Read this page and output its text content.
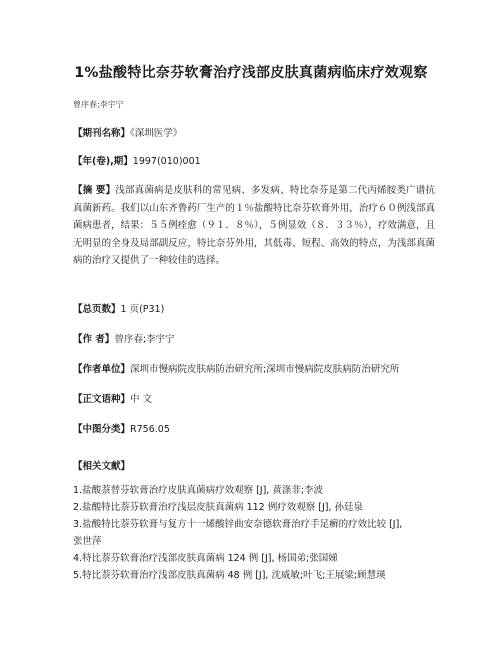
1%盐酸特比奈芬软膏治疗浅部皮肤真菌病临床疗效观察
曾序春;李宇宁
【期刊名称】《深圳医学》
【年(卷),期】1997(010)001
【摘 要】浅部真菌病是皮肤科的常见病、多发病、特比奈芬是第二代丙烯胺类广谱抗真菌新药。我们以山东齐鲁药厂生产的１％盐酸特比奈芬软膏外用，治疗６０例浅部真菌病患者，结果：５５例痊愈（９１．８％），５例显效（８．３３％），疗效满意，且无明显的全身及局部副反应，特比奈芬外用，其低毒、短程、高效的特点，为浅部真菌病的治疗又提供了一种较佳的选择。
【总页数】1 页(P31)
【作 者】曾序春;李宇宁
【作者单位】深圳市慢病院皮肤病防治研究所;深圳市慢病院皮肤病防治研究所
【正文语种】中 文
【中图分类】R756.05
【相关文献】
1.盐酸萘替芬软膏治疗皮肤真菌病疗效观察 [J], 黄涤非;李波
2.盐酸特比萘芬软膏治疗浅层皮肤真菌病 112 例疗效观察 [J], 孙廷泉
3.盐酸特比萘芬软膏与复方十一烯酸锌曲安奈德软膏治疗手足癣的疗效比较 [J],
张世萍
4.特比萘芬软膏治疗浅部皮肤真菌病 124 例 [J], 杨国弟;张国娣
5.特比萘芬软膏治疗浅部皮肤真菌病 48 例 [J], 沈威敏;叶飞;王展梁;顾慧瑛
